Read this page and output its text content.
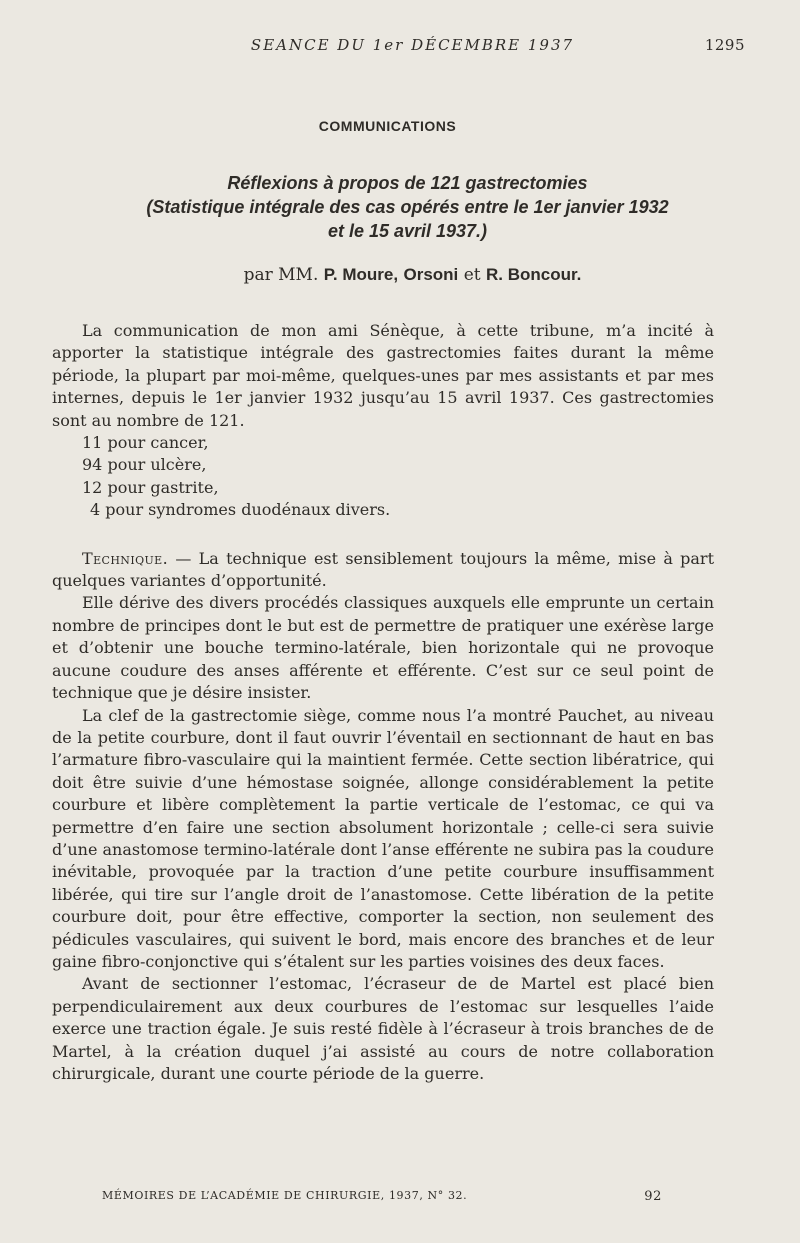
SEANCE DU 1er DÉCEMBRE 1937	1295
COMMUNICATIONS
Réflexions à propos de 121 gastrectomies
(Statistique intégrale des cas opérés entre le 1er janvier 1932
et le 15 avril 1937.)
par MM. P. Moure, Orsoni et R. Boncour.

La communication de mon ami Sénèque, à cette tribune, m’a incité à apporter la statistique intégrale des gastrectomies faites durant la même période, la plupart par moi-même, quelques-unes par mes assistants et par mes internes, depuis le 1er janvier 1932 jusqu’au 15 avril 1937. Ces gastrectomies sont au nombre de 121.

11 pour cancer,
94 pour ulcère,
12 pour gastrite,
4 pour syndromes duodénaux divers.

Technique. — La technique est sensiblement toujours la même, mise à part quelques variantes d’opportunité.

Elle dérive des divers procédés classiques auxquels elle emprunte un certain nombre de principes dont le but est de permettre de pratiquer une exérèse large et d’obtenir une bouche termino-latérale, bien horizontale qui ne provoque aucune coudure des anses afférente et efférente. C’est sur ce seul point de technique que je désire insister.

La clef de la gastrectomie siège, comme nous l’a montré Pauchet, au niveau de la petite courbure, dont il faut ouvrir l’éventail en sectionnant de haut en bas l’armature fibro-vasculaire qui la maintient fermée. Cette section libératrice, qui doit être suivie d’une hémostase soignée, allonge considérablement la petite courbure et libère complètement la partie verticale de l’estomac, ce qui va permettre d’en faire une section absolument horizontale ; celle-ci sera suivie d’une anastomose termino-latérale dont l’anse efférente ne subira pas la coudure inévitable, provoquée par la traction d’une petite courbure insuffisamment libérée, qui tire sur l’angle droit de l’anastomose. Cette libération de la petite courbure doit, pour être effective, comporter la section, non seulement des pédicules vasculaires, qui suivent le bord, mais encore des branches et de leur gaine fibro-conjonctive qui s’étalent sur les parties voisines des deux faces.

Avant de sectionner l’estomac, l’écraseur de de Martel est placé bien perpendiculairement aux deux courbures de l’estomac sur lesquelles l’aide exerce une traction égale. Je suis resté fidèle à l’écraseur à trois branches de de Martel, à la création duquel j’ai assisté au cours de notre collaboration chirurgicale, durant une courte période de la guerre.

MÉMOIRES DE L’ACADÉMIE DE CHIRURGIE, 1937, N° 32.	92
